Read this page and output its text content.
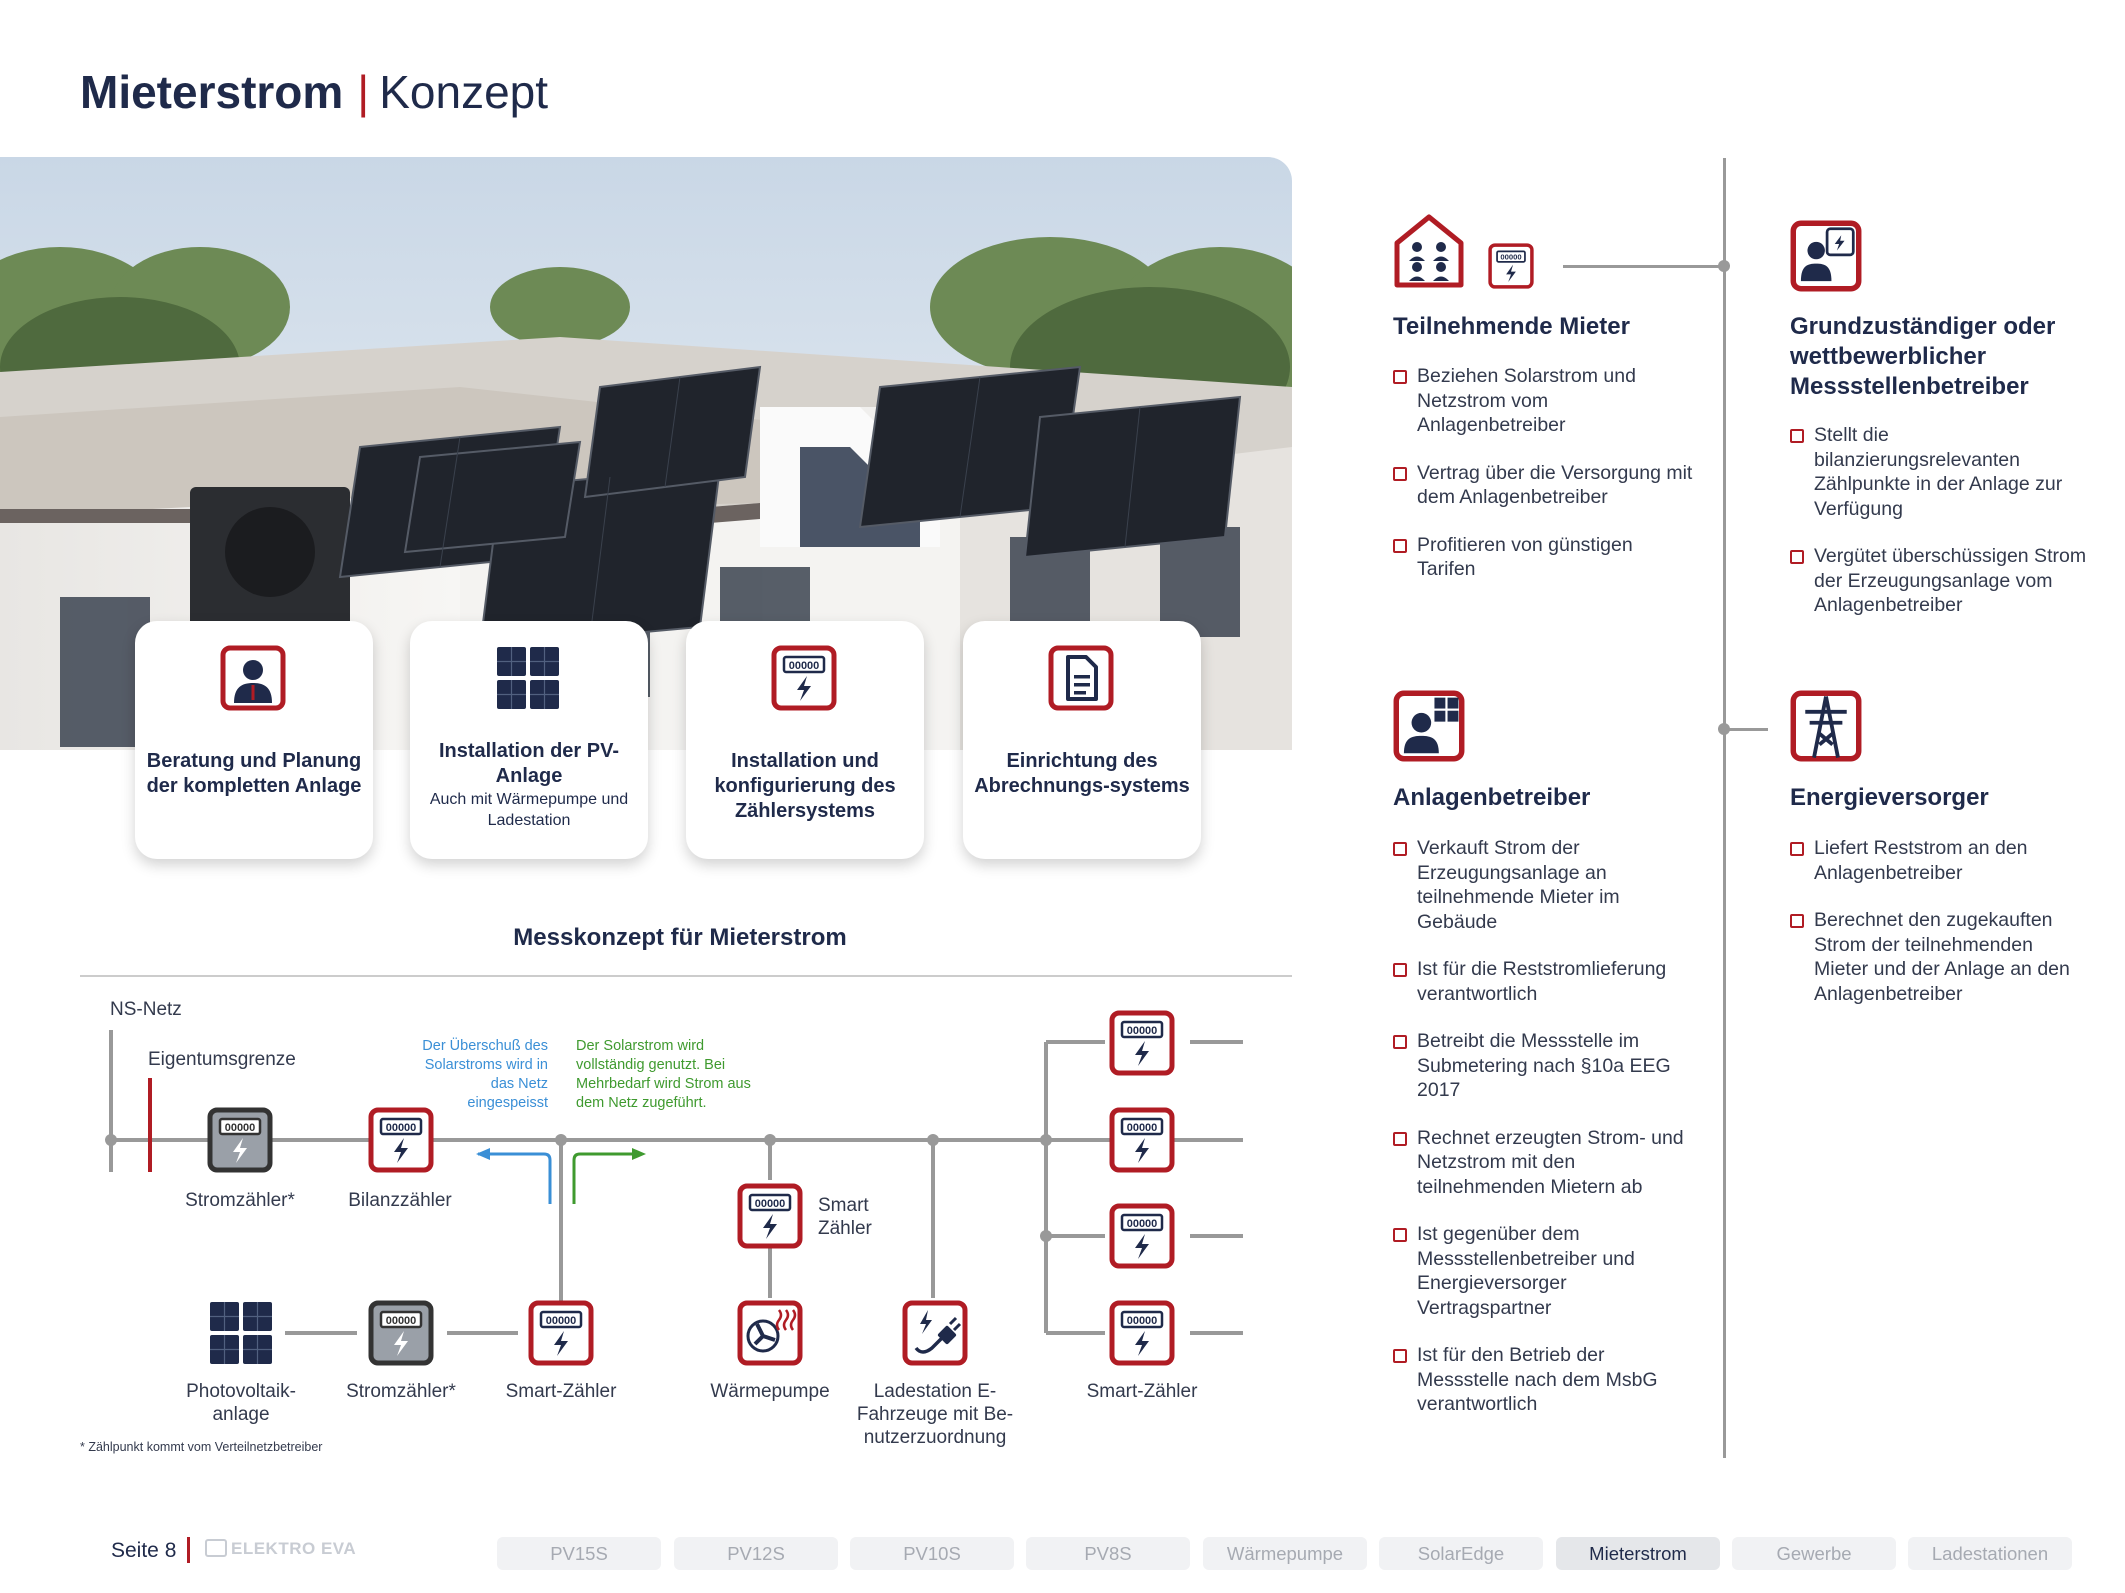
Mieterstrom | Konzept
Beratung und Planung der kompletten Anlage
Installation der PV-Anlage
Auch mit Wärmepumpe und Ladestation
Installation und konfigurierung des Zählersystems
Einrichtung des Abrechnungs-systems
Messkonzept für Mieterstrom
NS-Netz
Eigentumsgrenze
Der Überschuß des Solarstroms wird in das Netz eingespeisst
Der Solarstrom wird vollständig genutzt. Bei Mehrbedarf wird Strom aus dem Netz zugeführt.
Stromzähler*	Bilanzzähler	Smart Zähler
Photovoltaik-anlage
Stromzähler*	Smart-Zähler	Wärmepumpe	Ladestation E-Fahrzeuge mit Be-nutzerzuordnung
Smart-Zähler
* Zählpunkt kommt vom Verteilnetzbetreiber
Teilnehmende Mieter
Beziehen Solarstrom und Netzstrom vom Anlagenbetreiber
Vertrag über die Versorgung mit dem Anlagenbetreiber
Profitieren von günstigen Tarifen
Grundzuständiger oder wettbewerblicher Messstellenbetreiber
Stellt die bilanzierungsrelevanten Zählpunkte in der Anlage zur Verfügung
Vergütet überschüssigen Strom der Erzeugungsanlage vom Anlagenbetreiber
Anlagenbetreiber
Verkauft Strom der Erzeugungsanlage an teilnehmende Mieter im Gebäude
Ist für die Reststromlieferung verantwortlich
Betreibt die Messstelle im Submetering nach §10a EEG 2017
Rechnet erzeugten Strom- und Netzstrom mit den teilnehmenden Mietern ab
Ist gegenüber dem Messstellenbetreiber und Energieversorger Vertragspartner
Ist für den Betrieb der Messstelle nach dem MsbG verantwortlich
Energieversorger
Liefert Reststrom an den Anlagenbetreiber
Berechnet den zugekauften Strom der teilnehmenden Mieter und der Anlage an den Anlagenbetreiber
Seite 8	ELEKTRO EVA	PV15S	PV12S	PV10S	PV8S	Wärmepumpe	SolarEdge	Mieterstrom	Gewerbe	Ladestationen
